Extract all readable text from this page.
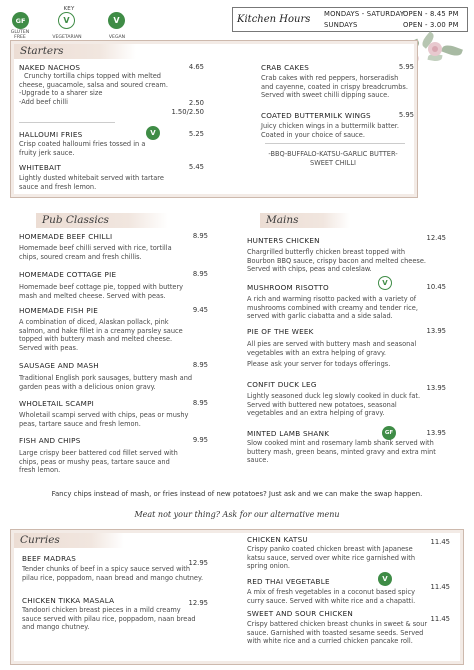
KEY
GF	V	V
GLUTEN FREE	VEGETARIAN	VEGAN
Kitchen Hours MONDAYS - SATURDAY
OPEN - 8.45 PM
SUNDAYS	OPEN - 3.00 PM
Starters
NAKED NACHOS	4.65
Crunchy tortilla chips topped with melted
cheese, guacamole, salsa and soured cream.
-Upgrade to a sharer size
-Add beef chilli	2.50
1.50/2.50
HALLOUMI FRIES	V	5.25
Crisp coated halloumi fries tossed in a
fruity jerk sauce.
WHITEBAIT	5.45
Lightly dusted whitebait served with tartare
sauce and fresh lemon.
CRAB CAKES	5.95
Crab cakes with red peppers, horseradish
and cayenne, coated in crispy breadcrumbs.
Served with sweet chilli dipping sauce.
COATED BUTTERMILK WINGS	5.95
Juicy chicken wings in a buttermilk batter.
Coated in your choice of sauce.
-BBQ-BUFFALO-KATSU-GARLIC BUTTER-
SWEET CHILLI
Pub Classics
HOMEMADE BEEF CHILLI	8.95
Homemade beef chilli served with rice, tortilla
chips, soured cream and fresh chillis.
HOMEMADE COTTAGE PIE	8.95
Homemade beef cottage pie, topped with buttery
mash and melted cheese. Served with peas.
HOMEMADE FISH PIE	9.45
A combination of diced, Alaskan pollack, pink
salmon, and hake fillet in a creamy parsley sauce
topped with buttery mash and melted cheese.
Served with peas.
SAUSAGE AND MASH	8.95
Traditional English pork sausages, buttery mash and
garden peas with a delicious onion gravy.
WHOLETAIL SCAMPI	8.95
Wholetail scampi served with chips, peas or mushy
peas, tartare sauce and fresh lemon.
FISH AND CHIPS	9.95
Large crispy beer battered cod fillet served with
chips, peas or mushy peas, tartare sauce and
fresh lemon.
Mains
HUNTERS CHICKEN	12.45
Chargrilled butterfly chicken breast topped with
Bourbon BBQ sauce, crispy bacon and melted cheese.
Served with chips, peas and coleslaw.
MUSHROOM RISOTTO	V	10.45
A rich and warming risotto packed with a variety of
mushrooms combined with creamy and tender rice,
served with garlic ciabatta and a side salad.
PIE OF THE WEEK	13.95
All pies are served with buttery mash and seasonal
vegetables with an extra helping of gravy.
Please ask your server for todays offerings.
CONFIT DUCK LEG	13.95
Lightly seasoned duck leg slowly cooked in duck fat.
Served with buttered new potatoes, seasonal
vegetables and an extra helping of gravy.
MINTED LAMB SHANK	GF	13.95
Slow cooked mint and rosemary lamb shank served with
buttery mash, green beans, minted gravy and extra mint
sauce.
Fancy chips instead of mash, or fries instead of new potatoes? Just ask and we can make the swap happen.
Meat not your thing? Ask for our alternative menu
Curries
BEEF MADRAS	12.95
Tender chunks of beef in a spicy sauce served with
pilau rice, poppadom, naan bread and mango chutney.
CHICKEN TIKKA MASALA	12.95
Tandoori chicken breast pieces in a mild creamy
sauce served with pilau rice, poppadom, naan bread
and mango chutney.
CHICKEN KATSU	11.45
Crispy panko coated chicken breast with Japanese
katsu sauce, served over white rice garnished with
spring onion.
RED THAI VEGETABLE	V
11.45
A mix of fresh vegetables in a coconut based spicy
curry sauce. Served with white rice and a chapatti.
SWEET AND SOUR CHICKEN
11.45
Crispy battered chicken breast chunks in sweet & sour
sauce. Garnished with toasted sesame seeds. Served
with white rice and a curried chicken pancake roll.
